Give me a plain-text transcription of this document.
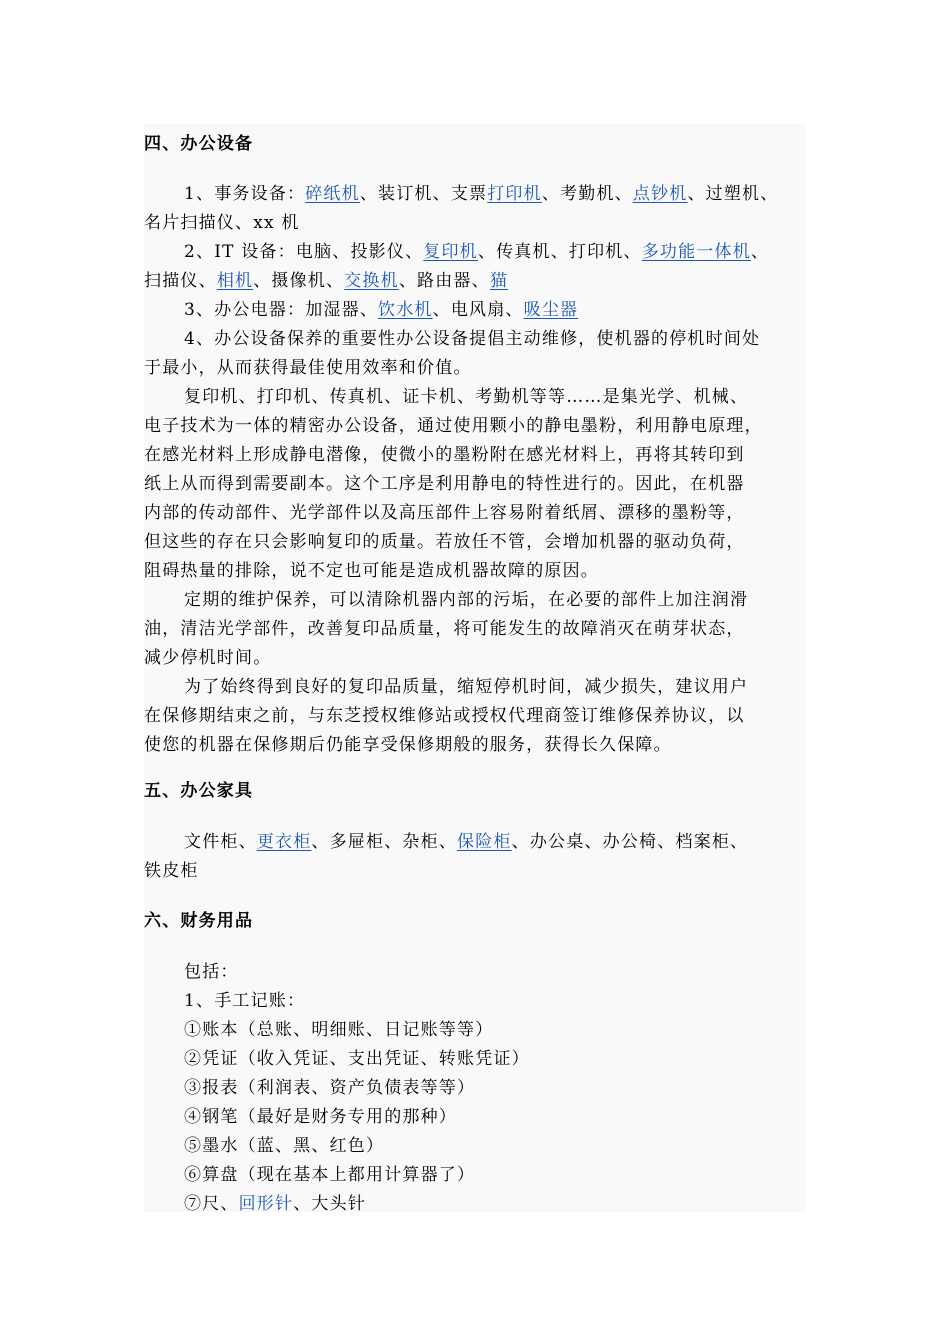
四、办公设备
1、事务设备：碎纸机、装订机、支票打印机、考勤机、点钞机、过塑机、
名片扫描仪、xx 机
2、IT 设备：电脑、投影仪、复印机、传真机、打印机、多功能一体机、
扫描仪、相机、摄像机、交换机、路由器、猫
3、办公电器：加湿器、饮水机、电风扇、吸尘器
4、办公设备保养的重要性办公设备提倡主动维修，使机器的停机时间处
于最小，从而获得最佳使用效率和价值。
复印机、打印机、传真机、证卡机、考勤机等等……是集光学、机械、
电子技术为一体的精密办公设备，通过使用颗小的静电墨粉，利用静电原理，
在感光材料上形成静电潜像，使微小的墨粉附在感光材料上，再将其转印到
纸上从而得到需要副本。这个工序是利用静电的特性进行的。因此，在机器
内部的传动部件、光学部件以及高压部件上容易附着纸屑、漂移的墨粉等，
但这些的存在只会影响复印的质量。若放任不管，会增加机器的驱动负荷，
阻碍热量的排除，说不定也可能是造成机器故障的原因。
定期的维护保养，可以清除机器内部的污垢，在必要的部件上加注润滑
油，清洁光学部件，改善复印品质量，将可能发生的故障消灭在萌芽状态，
减少停机时间。
为了始终得到良好的复印品质量，缩短停机时间，减少损失，建议用户
在保修期结束之前，与东芝授权维修站或授权代理商签订维修保养协议，以
使您的机器在保修期后仍能享受保修期般的服务，获得长久保障。
五、办公家具
文件柜、更衣柜、多屉柜、杂柜、保险柜、办公桌、办公椅、档案柜、
铁皮柜
六、财务用品
包括：
1、手工记账：
①账本（总账、明细账、日记账等等）
②凭证（收入凭证、支出凭证、转账凭证）
③报表（利润表、资产负债表等等）
④钢笔（最好是财务专用的那种）
⑤墨水（蓝、黑、红色）
⑥算盘（现在基本上都用计算器了）
⑦尺、回形针、大头针
